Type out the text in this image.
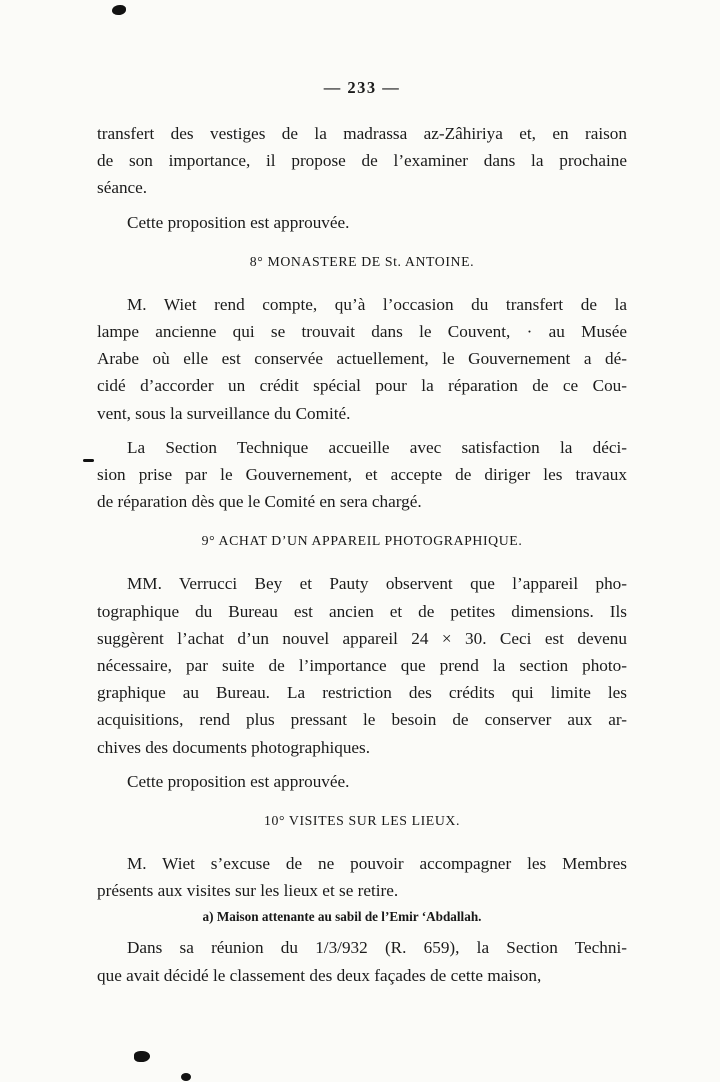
— 233 —
transfert des vestiges de la madrassa az-Zâhiriya et, en raison
de son importance, il propose de l’examiner dans la prochaine
séance.
Cette proposition est approuvée.
8° MONASTERE DE St. ANTOINE.
M. Wiet rend compte, qu’à l’occasion du transfert de la
lampe ancienne qui se trouvait dans le Couvent, · au Musée
Arabe où elle est conservée actuellement, le Gouvernement a dé-
cidé d’accorder un crédit spécial pour la réparation de ce Cou-
vent, sous la surveillance du Comité.
La Section Technique accueille avec satisfaction la déci-
sion prise par le Gouvernement, et accepte de diriger les travaux
de réparation dès que le Comité en sera chargé.
9° ACHAT D’UN APPAREIL PHOTOGRAPHIQUE.
MM. Verrucci Bey et Pauty observent que l’appareil pho-
tographique du Bureau est ancien et de petites dimensions. Ils
suggèrent l’achat d’un nouvel appareil 24 × 30. Ceci est devenu
nécessaire, par suite de l’importance que prend la section photo-
graphique au Bureau. La restriction des crédits qui limite les
acquisitions, rend plus pressant le besoin de conserver aux ar-
chives des documents photographiques.
Cette proposition est approuvée.
10° VISITES SUR LES LIEUX.
M. Wiet s’excuse de ne pouvoir accompagner les Membres
présents aux visites sur les lieux et se retire.
a) Maison attenante au sabil de l’Emir ‘Abdallah.
Dans sa réunion du 1/3/932 (R. 659), la Section Techni-
que avait décidé le classement des deux façades de cette maison,
